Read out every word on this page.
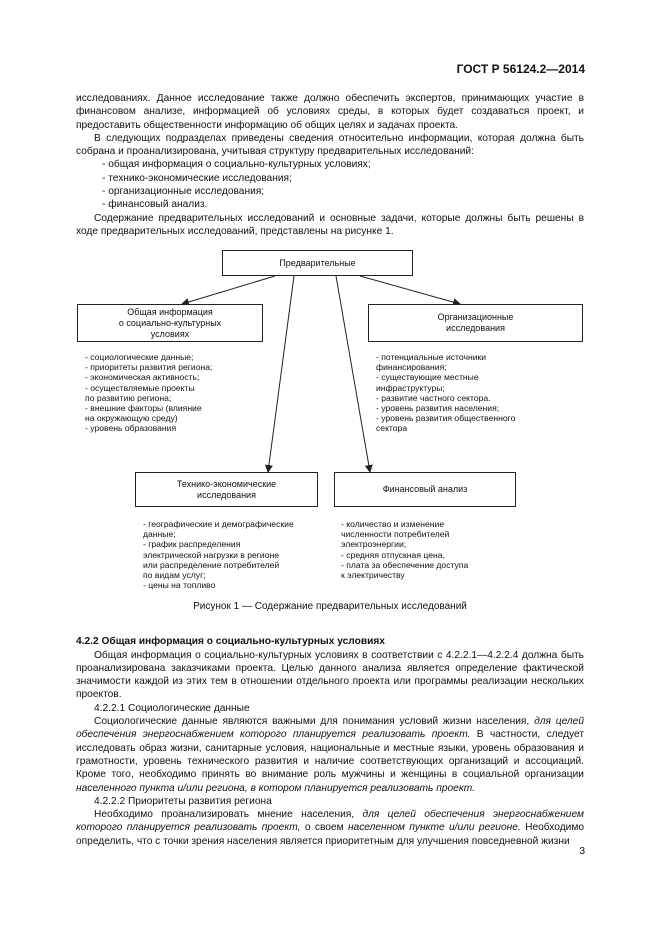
ГОСТ Р 56124.2—2014

исследованиях. Данное исследование также должно обеспечить экспертов, принимающих участие в финансовом анализе, информацией об условиях среды, в которых будет создаваться проект, и предоставить общественности информацию об общих целях и задачах проекта.

В следующих подразделах приведены сведения относительно информации, которая должна быть собрана и проанализирована, учитывая структуру предварительных исследований:

- общая информация о социально-культурных условиях;

- технико-экономические исследования;

- организационные исследования;

- финансовый анализ.

Содержание предварительных исследований и основные задачи, которые должны быть решены в ходе предварительных исследований, представлены на рисунке 1.

Предварительные
Общая информация
о социально-культурных
условиях
Организационные
исследования
- социологические данные;
- приоритеты развития региона;
- экономическая активность;
- осуществляемые проекты
по развитию региона;
- внешние факторы (влияние
на окружающую среду)
- уровень образования
- потенциальные источники
финансирования;
- существующие местные
инфраструктуры;
- развитие частного сектора.
- уровень развития населения;
- уровень развития общественного
сектора
Технико-экономические
исследования
Финансовый анализ
- географические и демографические
данные;
- график распределения
электрической нагрузки в регионе
или распределение потребителей
по видам услуг;
- цены на топливо
- количество и изменение
численности потребителей
электроэнергии;
- средняя отпускная цена,
- плата за обеспечение доступа
к электричеству
Рисунок 1 — Содержание предварительных исследований

4.2.2 Общая информация о социально-культурных условиях

Общая информация о социально-культурных условиях в соответствии с 4.2.2.1—4.2.2.4 должна быть проанализирована заказчиками проекта. Целью данного анализа является определение фактической значимости каждой из этих тем в отношении отдельного проекта или программы реализации нескольких проектов.

4.2.2.1 Социологические данные

Социологические данные являются важными для понимания условий жизни населения, для целей обеспечения энергоснабжением которого планируется реализовать проект. В частности, следует исследовать образ жизни, санитарные условия, национальные и местные языки, уровень образования и грамотности, уровень технического развития и наличие соответствующих организаций и ассоциаций. Кроме того, необходимо принять во внимание роль мужчины и женщины в социальной организации населенного пункта и/или региона, в котором планируется реализовать проект.

4.2.2.2 Приоритеты развития региона

Необходимо проанализировать мнение населения, для целей обеспечения энергоснабжением которого планируется реализовать проект, о своем населенном пункте и/или регионе. Необходимо определить, что с точки зрения населения является приоритетным для улучшения повседневной жизни

3
